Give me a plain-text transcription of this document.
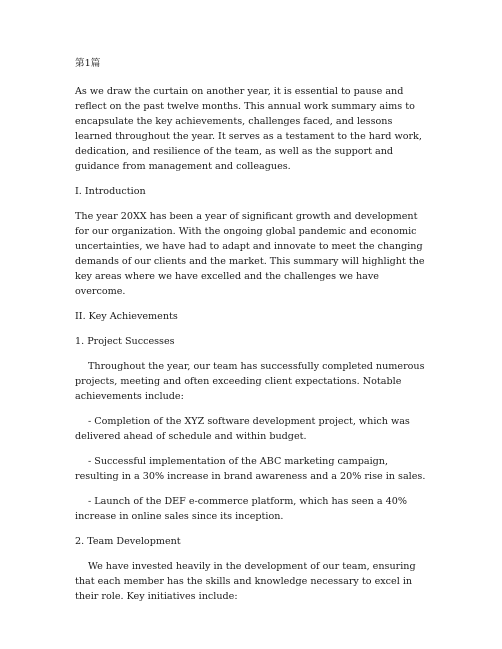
第1篇

As we draw the curtain on another year, it is essential to pause and reflect on the past twelve months. This annual work summary aims to encapsulate the key achievements, challenges faced, and lessons learned throughout the year. It serves as a testament to the hard work, dedication, and resilience of the team, as well as the support and guidance from management and colleagues.

I. Introduction

The year 20XX has been a year of significant growth and development for our organization. With the ongoing global pandemic and economic uncertainties, we have had to adapt and innovate to meet the changing demands of our clients and the market. This summary will highlight the key areas where we have excelled and the challenges we have overcome.

II. Key Achievements

1. Project Successes

Throughout the year, our team has successfully completed numerous projects, meeting and often exceeding client expectations. Notable achievements include:

- Completion of the XYZ software development project, which was delivered ahead of schedule and within budget.

- Successful implementation of the ABC marketing campaign, resulting in a 30% increase in brand awareness and a 20% rise in sales.

- Launch of the DEF e-commerce platform, which has seen a 40% increase in online sales since its inception.

2. Team Development

We have invested heavily in the development of our team, ensuring that each member has the skills and knowledge necessary to excel in their role. Key initiatives include:
